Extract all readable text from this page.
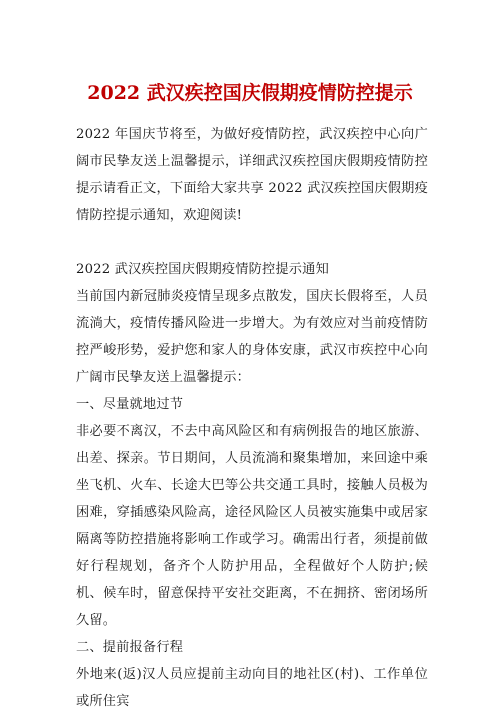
2022 武汉疾控国庆假期疫情防控提示

2022 年国庆节将至，为做好疫情防控，武汉疾控中心向广阔市民挚友送上温馨提示，详细武汉疾控国庆假期疫情防控提示请看正文，下面给大家共享 2022 武汉疾控国庆假期疫情防控提示通知，欢迎阅读!

2022 武汉疾控国庆假期疫情防控提示通知

当前国内新冠肺炎疫情呈现多点散发，国庆长假将至，人员流淌大，疫情传播风险进一步增大。为有效应对当前疫情防控严峻形势，爱护您和家人的身体安康，武汉市疾控中心向广阔市民挚友送上温馨提示：

一、尽量就地过节

非必要不离汉，不去中高风险区和有病例报告的地区旅游、出差、探亲。节日期间，人员流淌和聚集增加，来回途中乘坐飞机、火车、长途大巴等公共交通工具时，接触人员极为困难，穿插感染风险高，途径风险区人员被实施集中或居家隔离等防控措施将影响工作或学习。确需出行者，须提前做好行程规划，备齐个人防护用品，全程做好个人防护;候机、候车时，留意保持平安社交距离，不在拥挤、密闭场所久留。

二、提前报备行程

外地来(返)汉人员应提前主动向目的地社区(村)、工作单位或所住宾
